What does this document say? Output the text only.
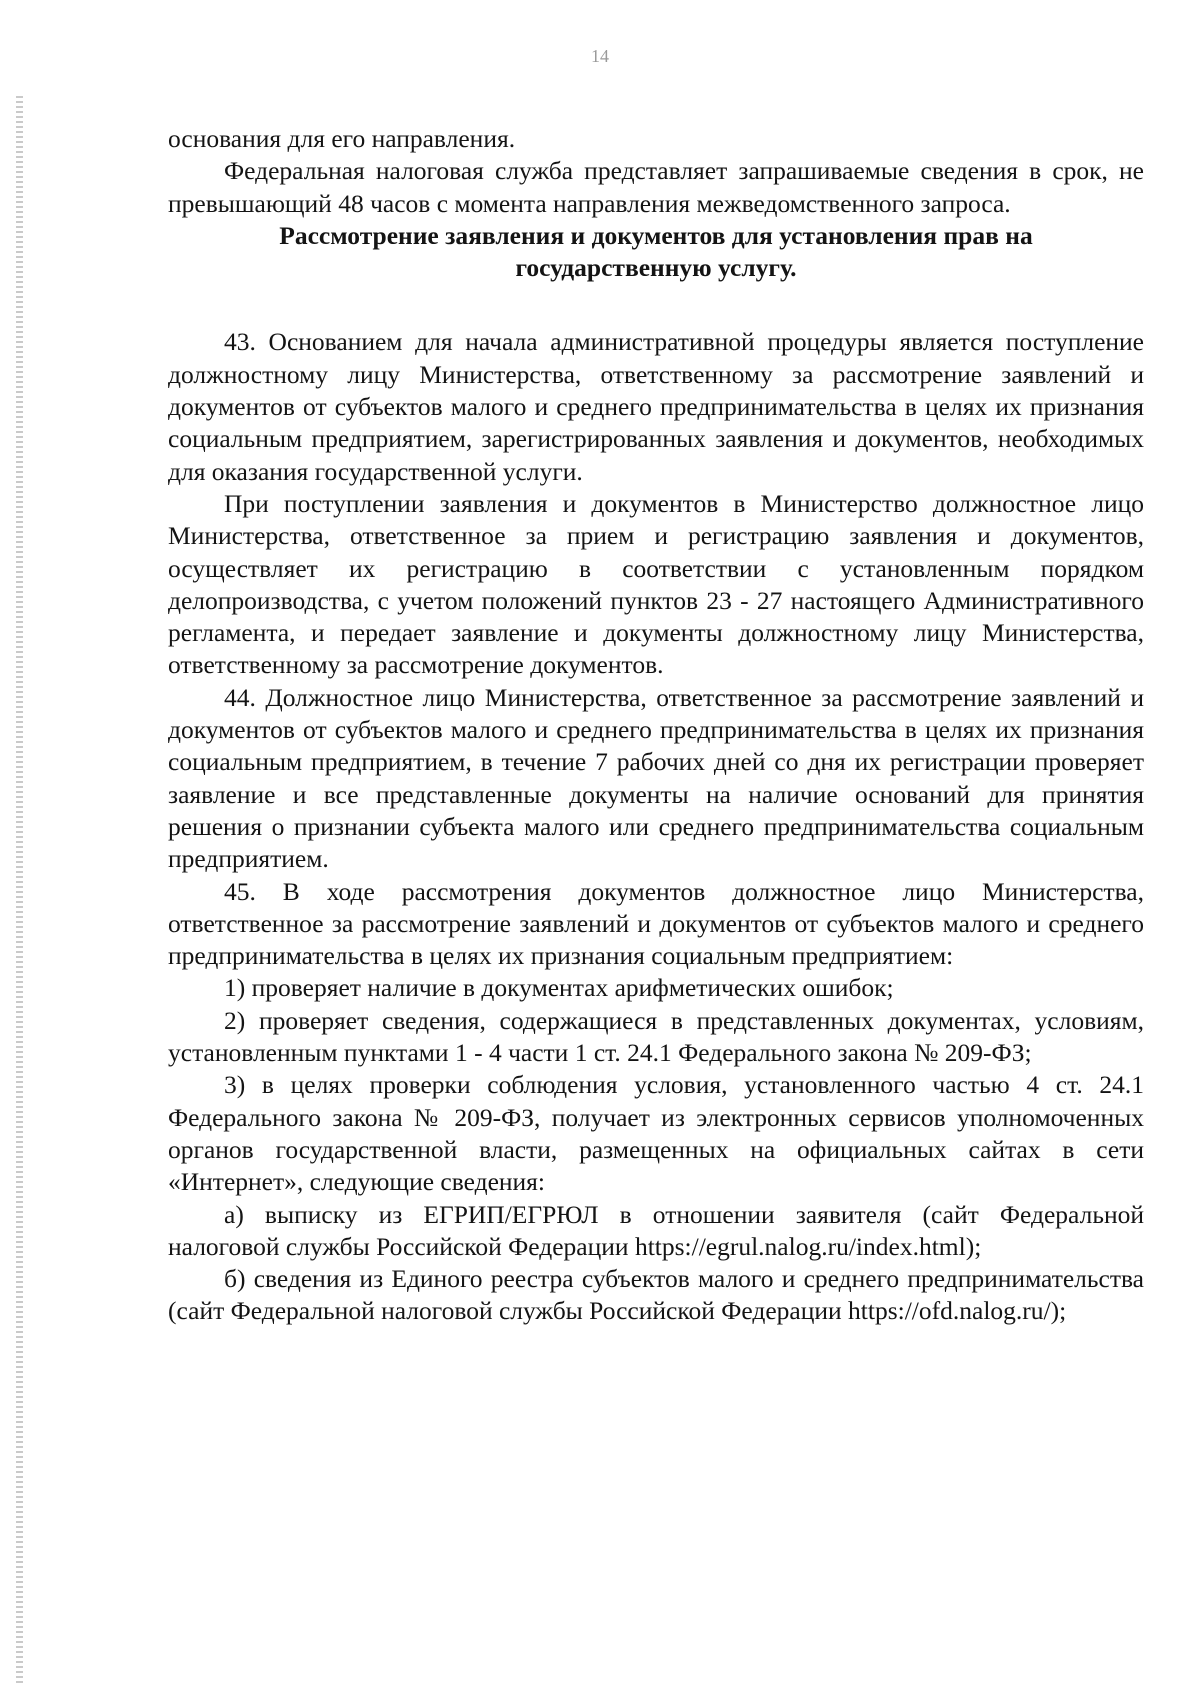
14

основания для его направления.

Федеральная налоговая служба представляет запрашиваемые сведения в срок, не превышающий 48 часов с момента направления межведомственного запроса.

Рассмотрение заявления и документов для установления прав на
государственную услугу.

43. Основанием для начала административной процедуры является поступление должностному лицу Министерства, ответственному за рассмотрение заявлений и документов от субъектов малого и среднего предпринимательства в целях их признания социальным предприятием, зарегистрированных заявления и документов, необходимых для оказания государственной услуги.

При поступлении заявления и документов в Министерство должностное лицо Министерства, ответственное за прием и регистрацию заявления и документов, осуществляет их регистрацию в соответствии с установленным порядком делопроизводства, с учетом положений пунктов 23 - 27 настоящего Административного регламента, и передает заявление и документы должностному лицу Министерства, ответственному за рассмотрение документов.

44. Должностное лицо Министерства, ответственное за рассмотрение заявлений и документов от субъектов малого и среднего предпринимательства в целях их признания социальным предприятием, в течение 7 рабочих дней со дня их регистрации проверяет заявление и все представленные документы на наличие оснований для принятия решения о признании субъекта малого или среднего предпринимательства социальным предприятием.

45. В ходе рассмотрения документов должностное лицо Министерства, ответственное за рассмотрение заявлений и документов от субъектов малого и среднего предпринимательства в целях их признания социальным предприятием:

1) проверяет наличие в документах арифметических ошибок;

2) проверяет сведения, содержащиеся в представленных документах, условиям, установленным пунктами 1 - 4 части 1 ст. 24.1 Федерального закона № 209-ФЗ;

3) в целях проверки соблюдения условия, установленного частью 4 ст. 24.1 Федерального закона № 209-ФЗ, получает из электронных сервисов уполномоченных органов государственной власти, размещенных на официальных сайтах в сети «Интернет», следующие сведения:

а) выписку из ЕГРИП/ЕГРЮЛ в отношении заявителя (сайт Федеральной налоговой службы Российской Федерации https://egrul.nalog.ru/index.html);

б) сведения из Единого реестра субъектов малого и среднего предпринимательства (сайт Федеральной налоговой службы Российской Федерации https://ofd.nalog.ru/);
